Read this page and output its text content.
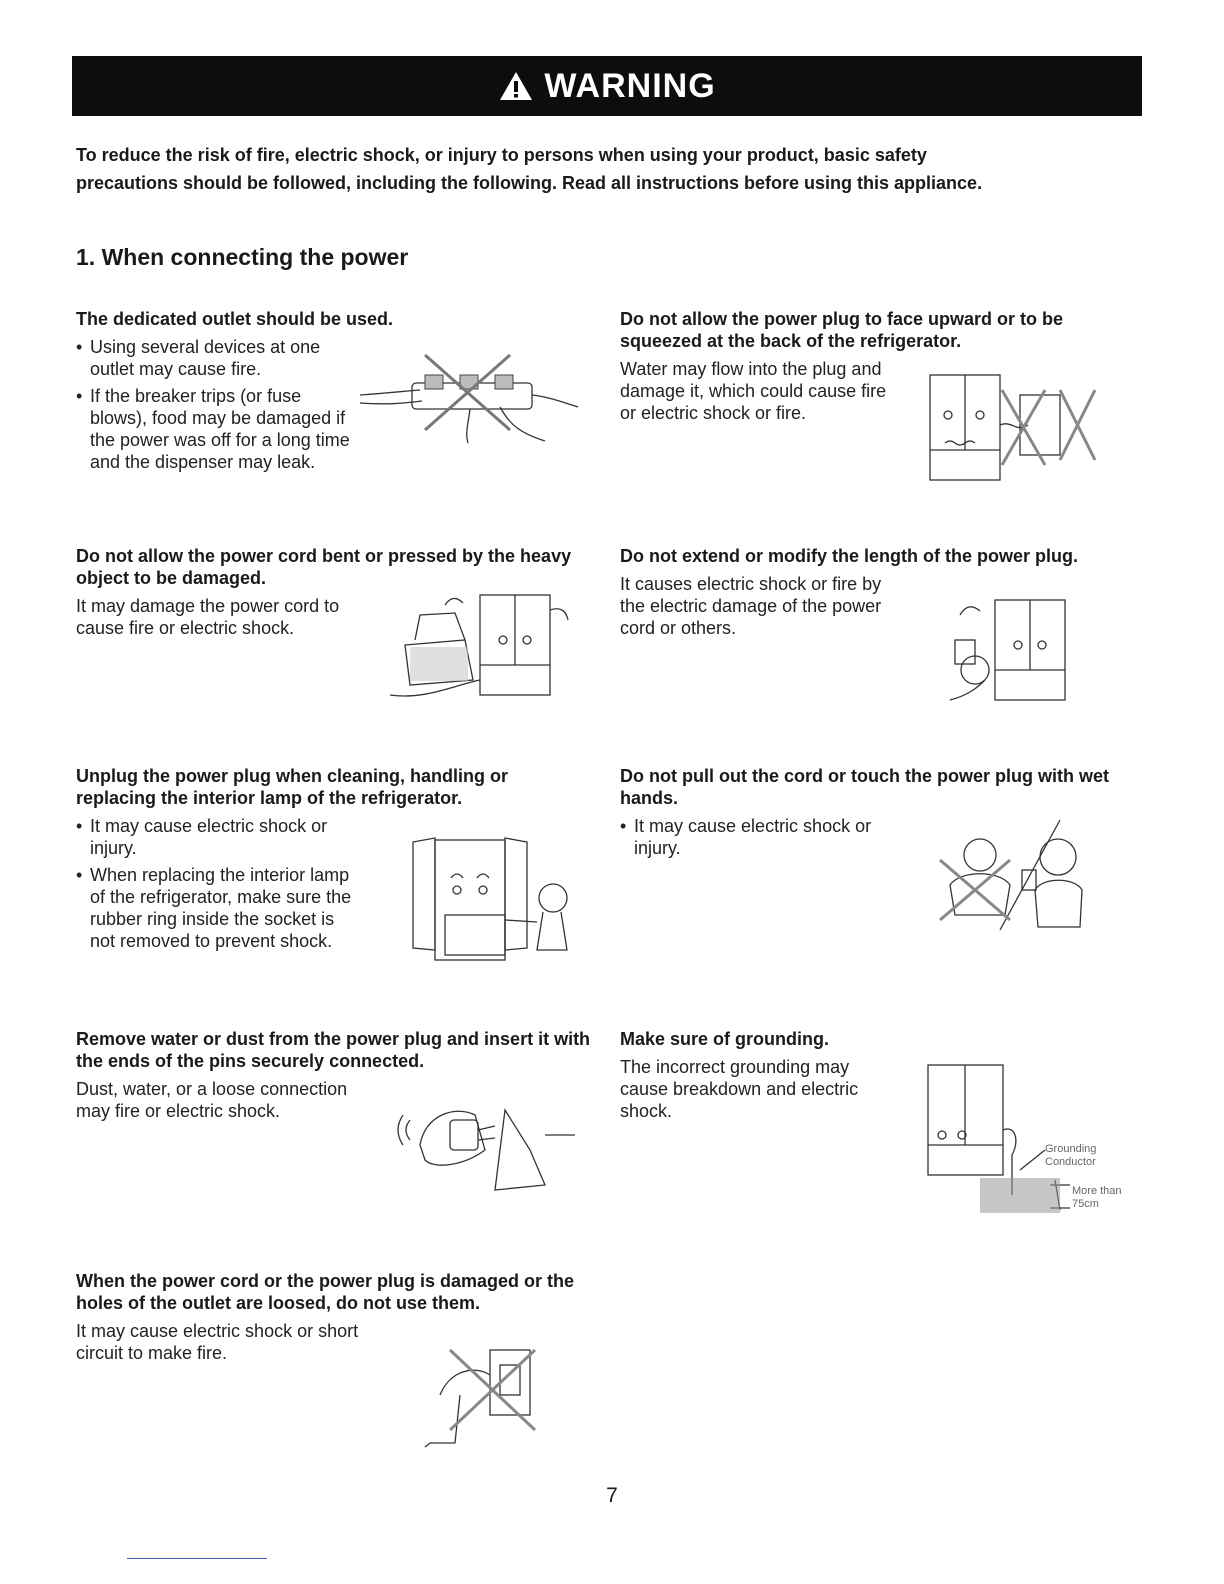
WARNING

To reduce the risk of fire, electric shock, or injury to persons when using your product, basic safety

precautions should be followed, including the following. Read all instructions before using this appliance.

1. When connecting the power
The dedicated outlet should be used.
• Using several devices at one outlet may cause fire.
• If the breaker trips (or fuse blows), food may be damaged if the power was off for a long time and the dispenser may leak.
Do not allow the power plug to face upward or to be squeezed at the back of the refrigerator.

Water may flow into the plug and damage it, which could cause fire or electric shock or fire.

Do not allow the power cord bent or pressed by the heavy object to be damaged.

It may damage the power cord to cause fire or electric shock.

Do not extend or modify the length of the power plug.

It causes electric shock or fire by the electric damage of the power cord or others.

Unplug the power plug when cleaning, handling or replacing the interior lamp of the refrigerator.
• It may cause electric shock or injury.
• When replacing the interior lamp of the refrigerator, make sure the rubber ring inside the socket is not removed to prevent shock.
Do not pull out the cord or touch the power plug with wet hands.
• It may cause electric shock or injury.
Remove water or dust from the power plug and insert it with the ends of the pins securely connected.

Dust, water, or a loose connection may fire or electric shock.

Make sure of grounding.

The incorrect grounding may cause breakdown and electric shock.

Grounding
Conductor
More than
75cm
When the power cord or the power plug is damaged or the holes of the outlet are loosed, do not use them.

It may cause electric shock or short circuit to make fire.

7
